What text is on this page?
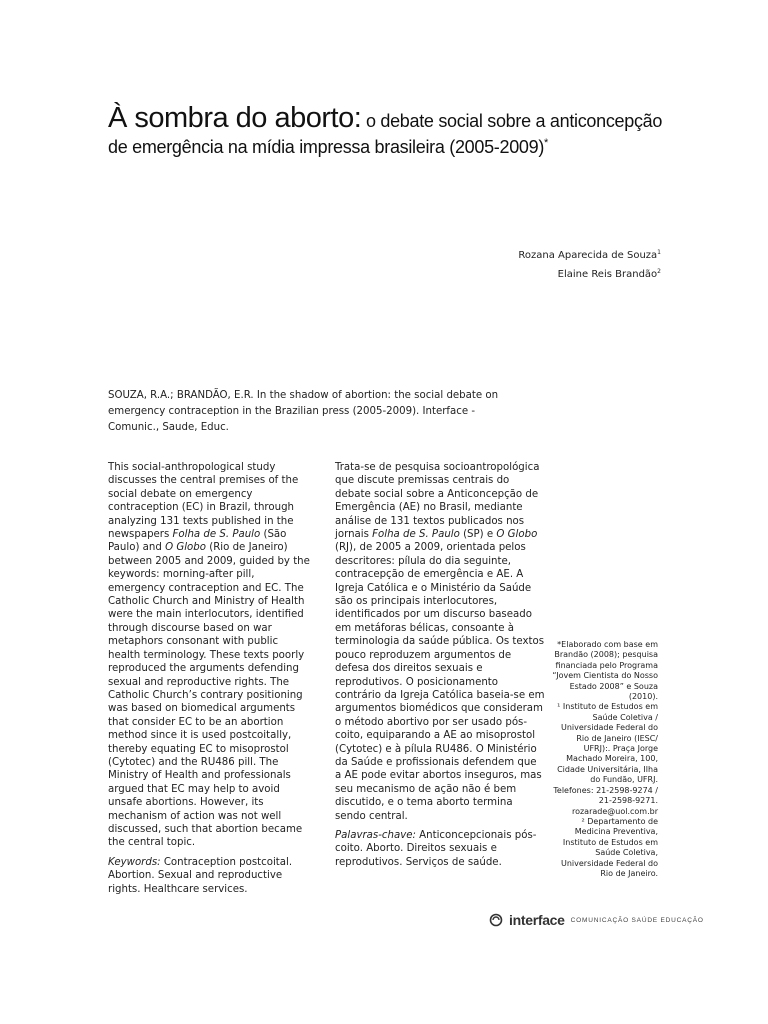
À sombra do aborto: o debate social sobre a anticoncepção
de emergência na mídia impressa brasileira (2005-2009)*
Rozana Aparecida de Souza$^1$
Elaine Reis Brandão$^2$
SOUZA, R.A.; BRANDÃO, E.R. In the shadow of abortion: the social debate on emergency contraception in the Brazilian press (2005-2009). Interface - Comunic., Saude, Educ.

This social-anthropological study discusses the central premises of the social debate on emergency contraception (EC) in Brazil, through analyzing 131 texts published in the newspapers Folha de S. Paulo (São Paulo) and O Globo (Rio de Janeiro) between 2005 and 2009, guided by the keywords: morning-after pill, emergency contraception and EC. The Catholic Church and Ministry of Health were the main interlocutors, identified through discourse based on war metaphors consonant with public health terminology. These texts poorly reproduced the arguments defending sexual and reproductive rights. The Catholic Church’s contrary positioning was based on biomedical arguments that consider EC to be an abortion method since it is used postcoitally, thereby equating EC to misoprostol (Cytotec) and the RU486 pill. The Ministry of Health and professionals argued that EC may help to avoid unsafe abortions. However, its mechanism of action was not well discussed, such that abortion became the central topic.

Keywords: Contraception postcoital. Abortion. Sexual and reproductive rights. Healthcare services.

Trata-se de pesquisa socioantropológica que discute premissas centrais do debate social sobre a Anticoncepção de Emergência (AE) no Brasil, mediante análise de 131 textos publicados nos jornais Folha de S. Paulo (SP) e O Globo (RJ), de 2005 a 2009, orientada pelos descritores: pílula do dia seguinte, contracepção de emergência e AE. A Igreja Católica e o Ministério da Saúde são os principais interlocutores, identificados por um discurso baseado em metáforas bélicas, consoante à terminologia da saúde pública. Os textos pouco reproduzem argumentos de defesa dos direitos sexuais e reprodutivos. O posicionamento contrário da Igreja Católica baseia-se em argumentos biomédicos que consideram o método abortivo por ser usado pós-coito, equiparando a AE ao misoprostol (Cytotec) e à pílula RU486. O Ministério da Saúde e profissionais defendem que a AE pode evitar abortos inseguros, mas seu mecanismo de ação não é bem discutido, e o tema aborto termina sendo central.

Palavras-chave: Anticoncepcionais pós-coito. Aborto. Direitos sexuais e reprodutivos. Serviços de saúde.

*Elaborado com base em Brandão (2008); pesquisa financiada pelo Programa “Jovem Cientista do Nosso Estado 2008” e Souza (2010).

¹ Instituto de Estudos em Saúde Coletiva / Universidade Federal do Rio de Janeiro (IESC/ UFRJ):. Praça Jorge Machado Moreira, 100, Cidade Universitária, Ilha do Fundão, UFRJ. Telefones: 21-2598-9274 / 21-2598-9271. rozarade@uol.com.br

² Departamento de Medicina Preventiva, Instituto de Estudos em Saúde Coletiva, Universidade Federal do Rio de Janeiro.

interface COMUNICAÇÃO SAÚDE EDUCAÇÃO
